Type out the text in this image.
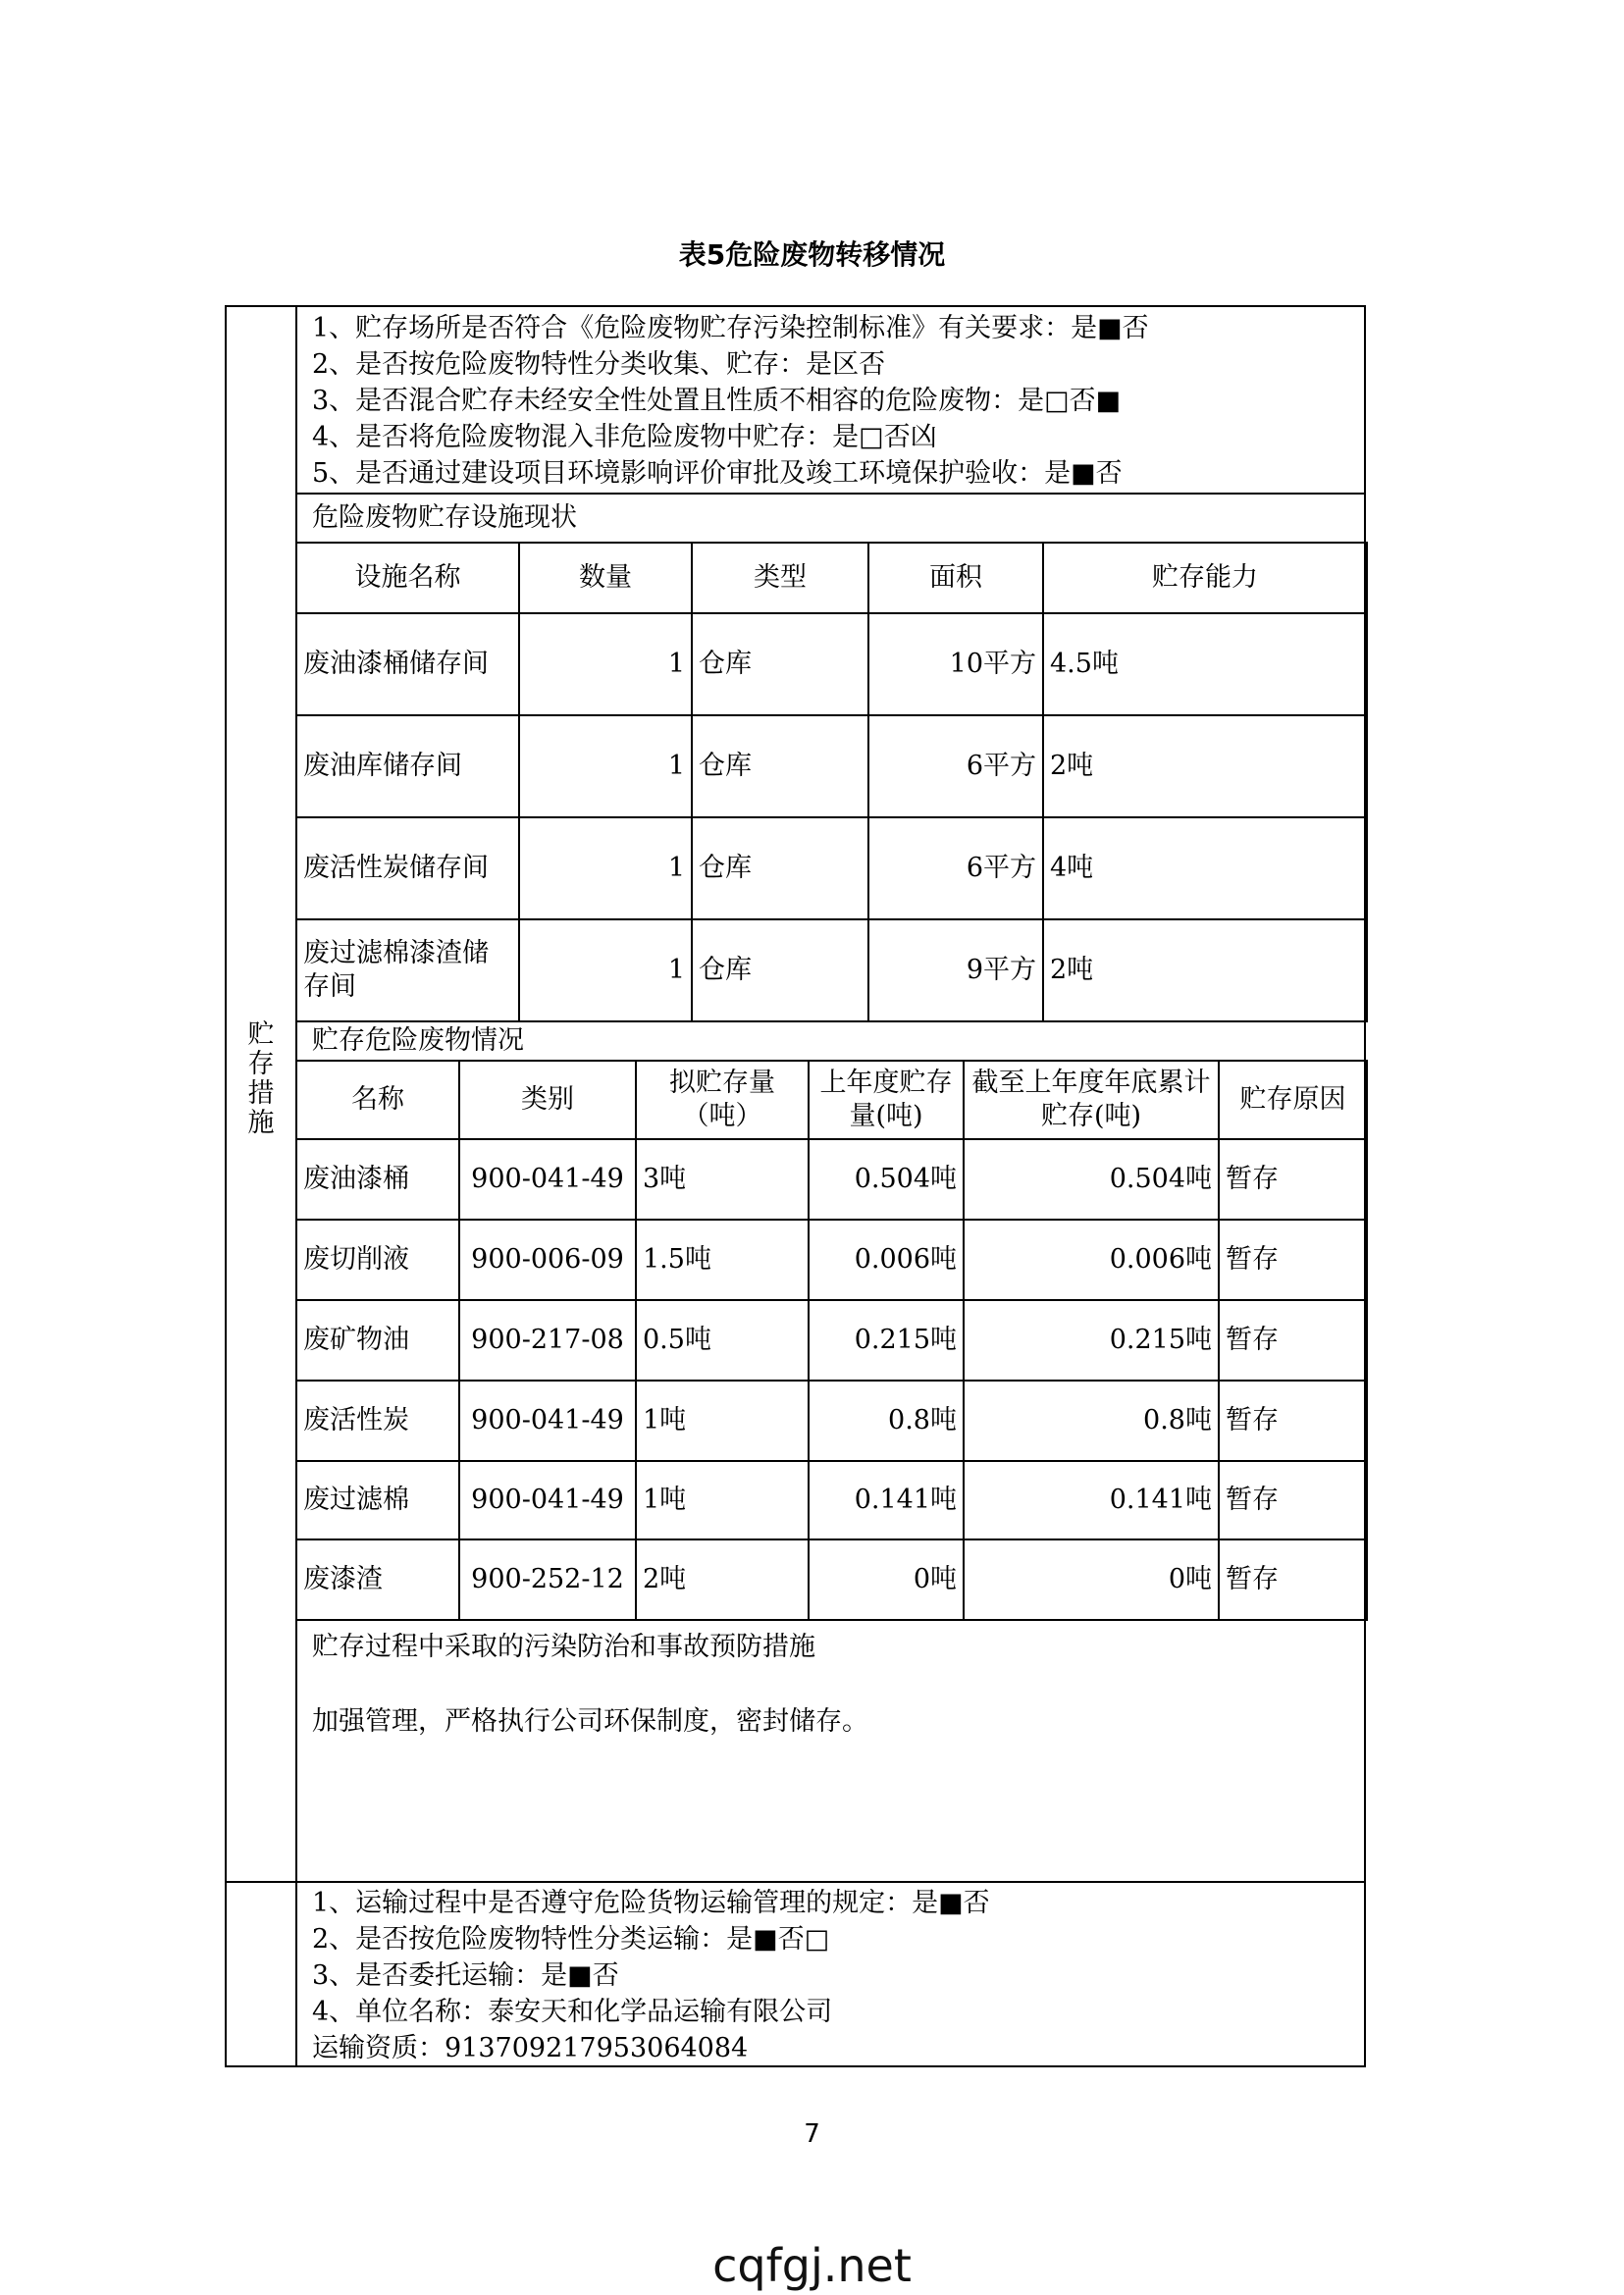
表5危险废物转移情况
贮
存
措
施
1、贮存场所是否符合《危险废物贮存污染控制标准》有关要求：是■否
2、是否按危险废物特性分类收集、贮存：是区否
3、是否混合贮存未经安全性处置且性质不相容的危险废物：是□否■
4、是否将危险废物混入非危险废物中贮存：是□否凶
5、是否通过建设项目环境影响评价审批及竣工环境保护验收：是■否
危险废物贮存设施现状
设施名称	数量	类型	面积	贮存能力
废油漆桶储存间	1	仓库	10平方	4.5吨
废油库储存间	1	仓库	6平方	2吨
废活性炭储存间	1	仓库	6平方	4吨
废过滤棉漆渣储存间	1	仓库	9平方	2吨
贮存危险废物情况
名称	类别	拟贮存量（吨）	上年度贮存量(吨)	截至上年度年底累计贮存(吨)	贮存原因
废油漆桶	900-041-49	3吨	0.504吨	0.504吨	暂存
废切削液	900-006-09	1.5吨	0.006吨	0.006吨	暂存
废矿物油	900-217-08	0.5吨	0.215吨	0.215吨	暂存
废活性炭	900-041-49	1吨	0.8吨	0.8吨	暂存
废过滤棉	900-041-49	1吨	0.141吨	0.141吨	暂存
废漆渣	900-252-12	2吨	0吨	0吨	暂存
贮存过程中采取的污染防治和事故预防措施
加强管理，严格执行公司环保制度，密封储存。
1、运输过程中是否遵守危险货物运输管理的规定：是■否
2、是否按危险废物特性分类运输：是■否□
3、是否委托运输：是■否
4、单位名称：泰安天和化学品运输有限公司
运输资质：913709217953064084
7
cqfgj.net
